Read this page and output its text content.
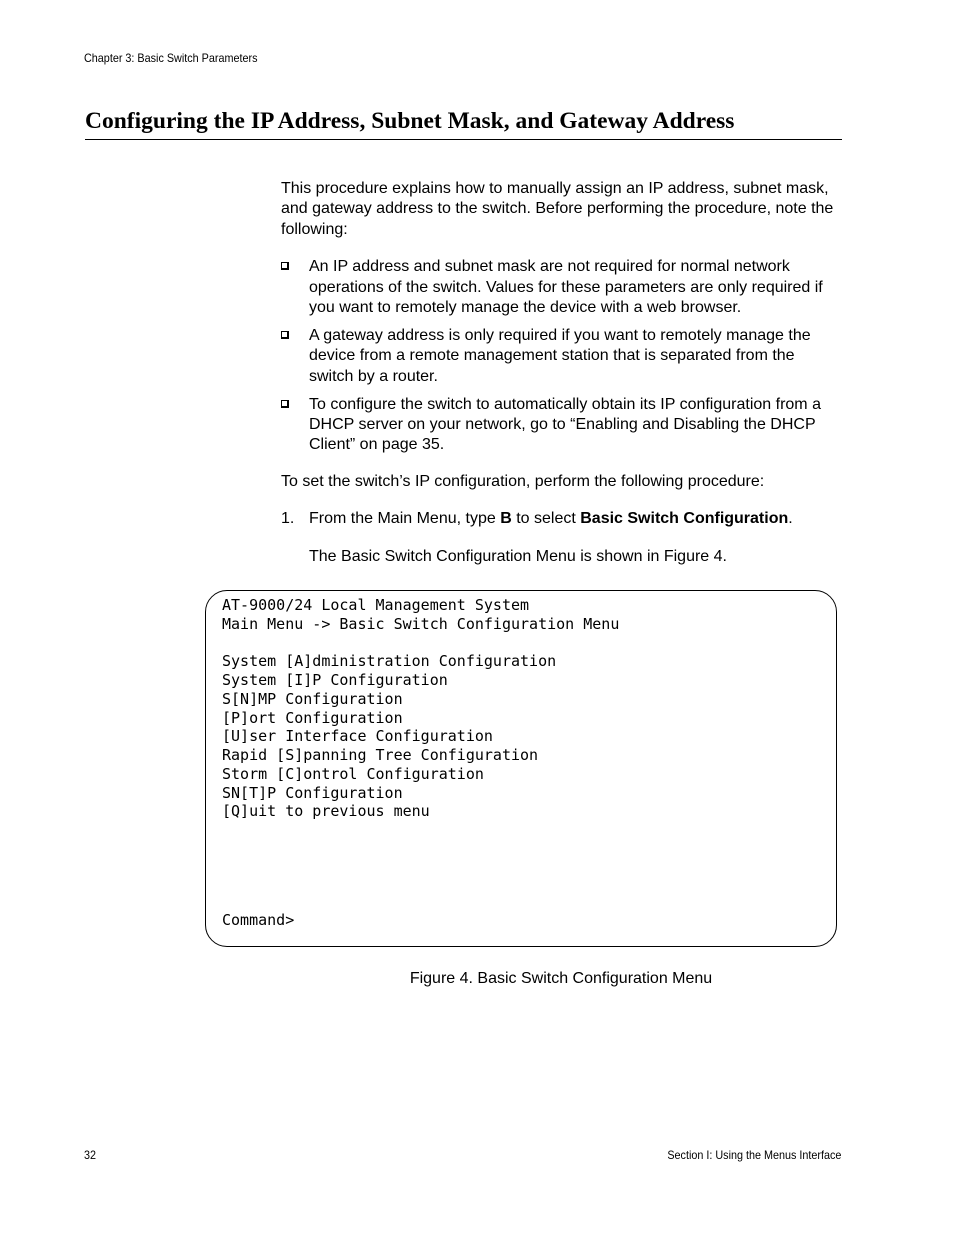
Chapter 3: Basic Switch Parameters
Configuring the IP Address, Subnet Mask, and Gateway Address

This procedure explains how to manually assign an IP address, subnet mask, and gateway address to the switch. Before performing the procedure, note the following:

An IP address and subnet mask are not required for normal network operations of the switch. Values for these parameters are only required if you want to remotely manage the device with a web browser.
A gateway address is only required if you want to remotely manage the device from a remote management station that is separated from the switch by a router.
To configure the switch to automatically obtain its IP configuration from a DHCP server on your network, go to “Enabling and Disabling the DHCP Client” on page 35.

To set the switch’s IP configuration, perform the following procedure:

1. From the Main Menu, type B to select Basic Switch Configuration.

The Basic Switch Configuration Menu is shown in Figure 4.

AT-9000/24 Local Management System
Main Menu -> Basic Switch Configuration Menu

System [A]dministration Configuration
System [I]P Configuration
S[N]MP Configuration
[P]ort Configuration
[U]ser Interface Configuration
Rapid [S]panning Tree Configuration
Storm [C]ontrol Configuration
SN[T]P Configuration
[Q]uit to previous menu

Command>
Figure 4. Basic Switch Configuration Menu
32	Section I: Using the Menus Interface
